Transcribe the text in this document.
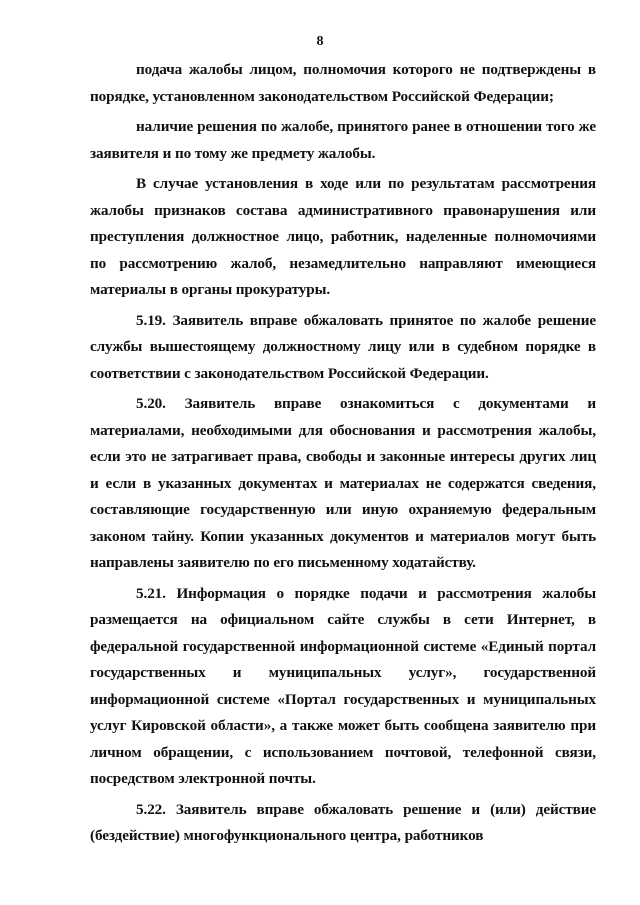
8

подача жалобы лицом, полномочия которого не подтверждены в порядке, установленном законодательством Российской Федерации;

наличие решения по жалобе, принятого ранее в отношении того же заявителя и по тому же предмету жалобы.

В случае установления в ходе или по результатам рассмотрения жалобы признаков состава административного правонарушения или преступления должностное лицо, работник, наделенные полномочиями по рассмотрению жалоб, незамедлительно направляют имеющиеся материалы в органы прокуратуры.

5.19. Заявитель вправе обжаловать принятое по жалобе решение службы вышестоящему должностному лицу или в судебном порядке в соответствии с законодательством Российской Федерации.

5.20. Заявитель вправе ознакомиться с документами и материалами, необходимыми для обоснования и рассмотрения жалобы, если это не затрагивает права, свободы и законные интересы других лиц и если в указанных документах и материалах не содержатся сведения, составляющие государственную или иную охраняемую федеральным законом тайну. Копии указанных документов и материалов могут быть направлены заявителю по его письменному ходатайству.

5.21. Информация о порядке подачи и рассмотрения жалобы размещается на официальном сайте службы в сети Интернет, в федеральной государственной информационной системе «Единый портал государственных и муниципальных услуг», государственной информационной системе «Портал государственных и муниципальных услуг Кировской области», а также может быть сообщена заявителю при личном обращении, с использованием почтовой, телефонной связи, посредством электронной почты.

5.22. Заявитель вправе обжаловать решение и (или) действие (бездействие) многофункционального центра, работников
